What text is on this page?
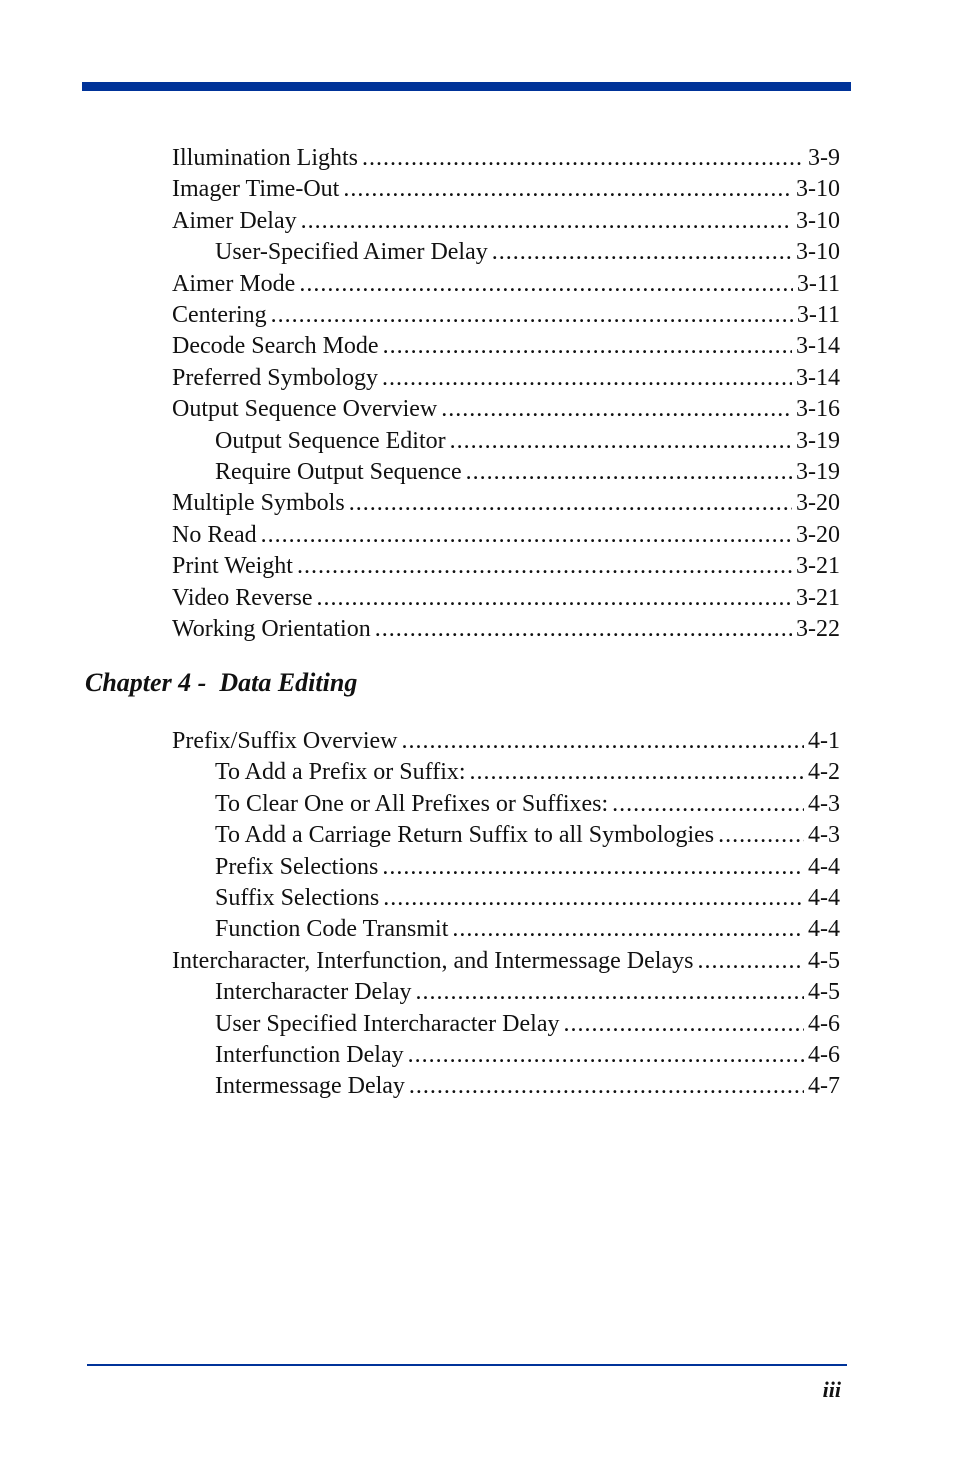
Illumination Lights .....	3-9
Imager Time-Out .....	3-10
Aimer Delay .....	3-10
User-Specified Aimer Delay .....	3-10
Aimer Mode .....	3-11
Centering .....	3-11
Decode Search Mode .....	3-14
Preferred Symbology .....	3-14
Output Sequence Overview .....	3-16
Output Sequence Editor .....	3-19
Require Output Sequence .....	3-19
Multiple Symbols .....	3-20
No Read .....	3-20
Print Weight .....	3-21
Video Reverse .....	3-21
Working Orientation .....	3-22
Chapter 4 -  Data Editing
Prefix/Suffix Overview .....	4-1
To Add a Prefix or Suffix: .....	4-2
To Clear One or All Prefixes or Suffixes: .....	4-3
To Add a Carriage Return Suffix to all Symbologies .....	4-3
Prefix Selections .....	4-4
Suffix Selections .....	4-4
Function Code Transmit .....	4-4
Intercharacter, Interfunction, and Intermessage Delays .....	4-5
Intercharacter Delay .....	4-5
User Specified Intercharacter Delay .....	4-6
Interfunction Delay .....	4-6
Intermessage Delay .....	4-7
iii
